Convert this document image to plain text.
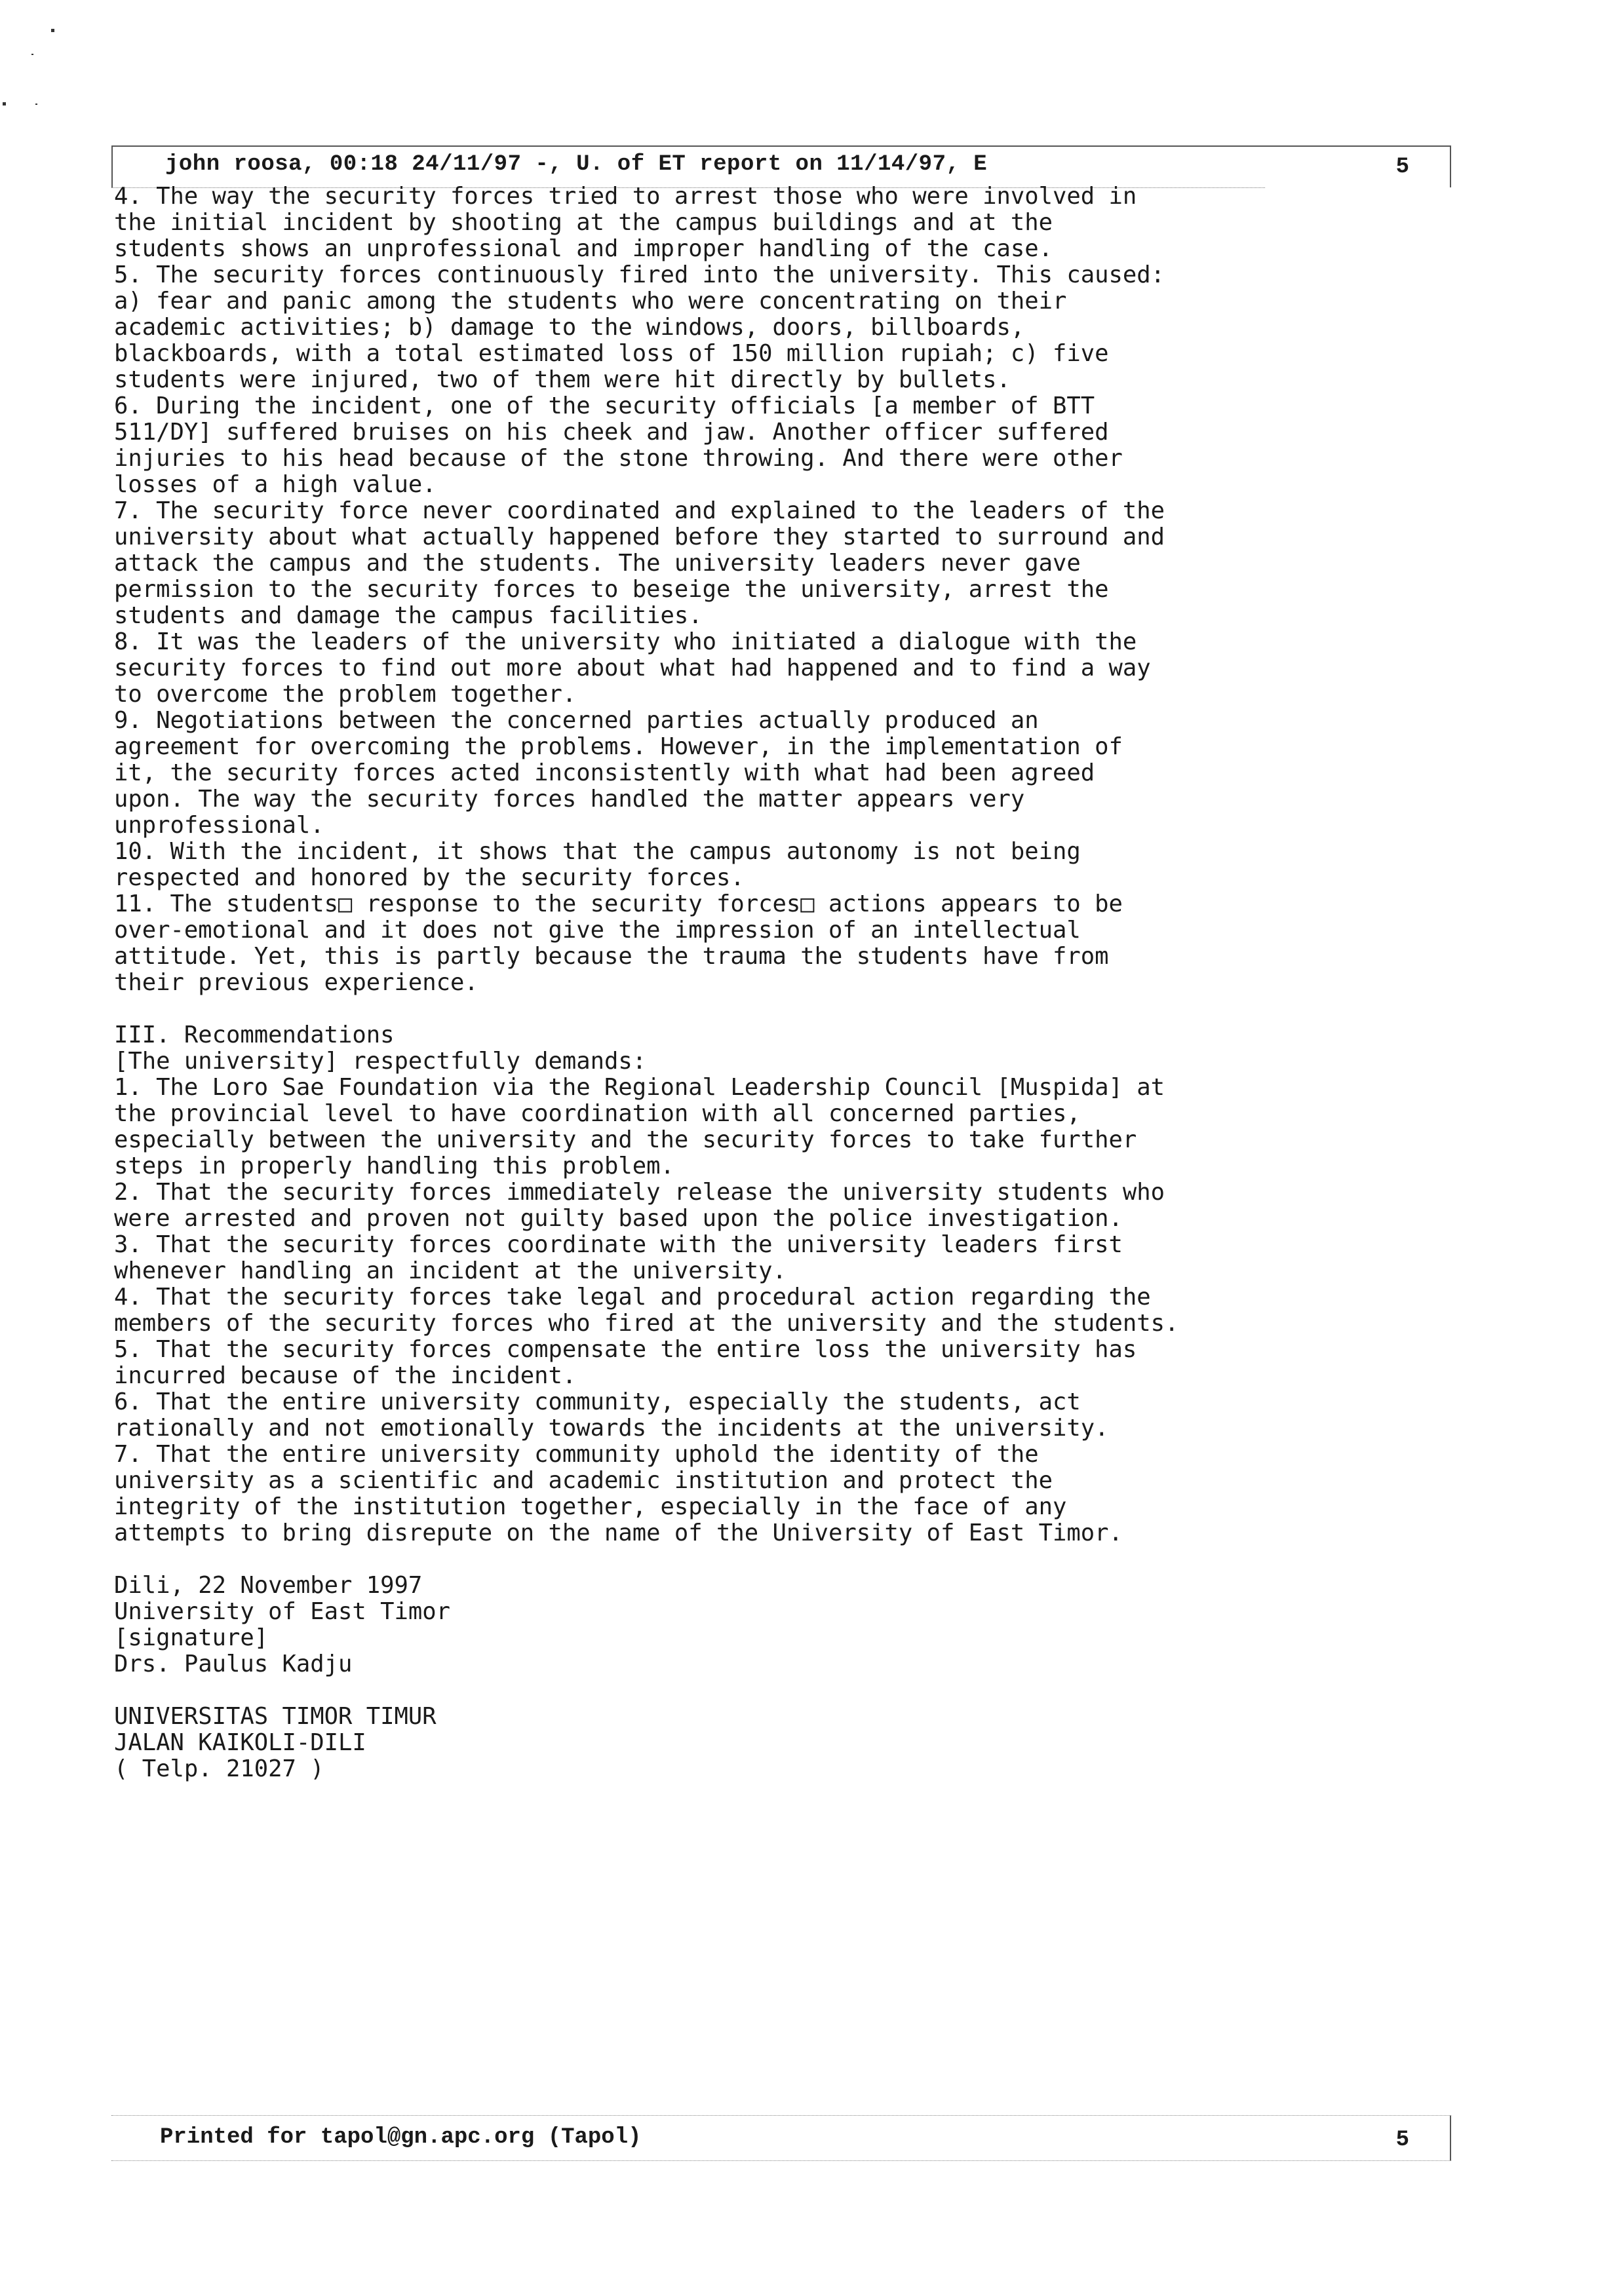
john roosa, 00:18 24/11/97 -, U. of ET report on 11/14/97, E	5
4. The way the security forces tried to arrest those who were involved in
the initial incident by shooting at the campus buildings and at the
students shows an unprofessional and improper handling of the case.
5. The security forces continuously fired into the university. This caused:
a) fear and panic among the students who were concentrating on their
academic activities; b) damage to the windows, doors, billboards,
blackboards, with a total estimated loss of 150 million rupiah; c) five
students were injured, two of them were hit directly by bullets.
6. During the incident, one of the security officials [a member of BTT
511/DY] suffered bruises on his cheek and jaw. Another officer suffered
injuries to his head because of the stone throwing. And there were other
losses of a high value.
7. The security force never coordinated and explained to the leaders of the
university about what actually happened before they started to surround and
attack the campus and the students. The university leaders never gave
permission to the security forces to beseige the university, arrest the
students and damage the campus facilities.
8. It was the leaders of the university who initiated a dialogue with the
security forces to find out more about what had happened and to find a way
to overcome the problem together.
9. Negotiations between the concerned parties actually produced an
agreement for overcoming the problems. However, in the implementation of
it, the security forces acted inconsistently with what had been agreed
upon. The way the security forces handled the matter appears very
unprofessional.
10. With the incident, it shows that the campus autonomy is not being
respected and honored by the security forces.
11. The students□ response to the security forces□ actions appears to be
over-emotional and it does not give the impression of an intellectual
attitude. Yet, this is partly because the trauma the students have from
their previous experience.

III. Recommendations
[The university] respectfully demands:
1. The Loro Sae Foundation via the Regional Leadership Council [Muspida] at
the provincial level to have coordination with all concerned parties,
especially between the university and the security forces to take further
steps in properly handling this problem.
2. That the security forces immediately release the university students who
were arrested and proven not guilty based upon the police investigation.
3. That the security forces coordinate with the university leaders first
whenever handling an incident at the university.
4. That the security forces take legal and procedural action regarding the
members of the security forces who fired at the university and the students.
5. That the security forces compensate the entire loss the university has
incurred because of the incident.
6. That the entire university community, especially the students, act
rationally and not emotionally towards the incidents at the university.
7. That the entire university community uphold the identity of the
university as a scientific and academic institution and protect the
integrity of the institution together, especially in the face of any
attempts to bring disrepute on the name of the University of East Timor.

Dili, 22 November 1997
University of East Timor
[signature]
Drs. Paulus Kadju

UNIVERSITAS TIMOR TIMUR
JALAN KAIKOLI-DILI
( Telp. 21027 )

Printed for tapol@gn.apc.org (Tapol)	5
